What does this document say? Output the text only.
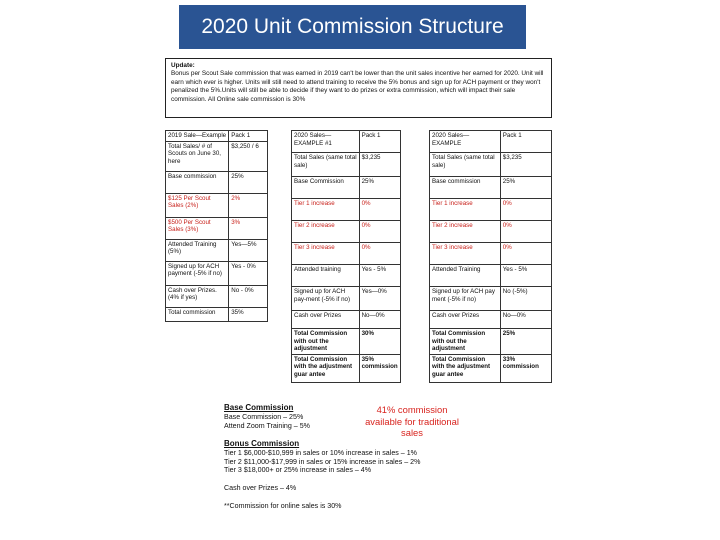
2020 Unit Commission Structure
Update:
Bonus per Scout Sale commission that was earned in 2019 can't be lower than the unit sales incentive her earned for 2020. Unit will earn which ever is higher. Units will still need to attend training to receive the 5% bonus and sign up for ACH payment or they won't penalized the 5%.Units will still be able to decide if they want to do prizes or extra commission, which will impact their sale commission. All Online sale commission is 30%
2019 Sale—Example	Pack 1
Total Sales/ # of Scouts on June 30, here	$3,250 / 6
Base commission	25%
$125 Per Scout Sales (2%)	2%
$500 Per Scout Sales (3%)	3%
Attended Training (5%)	Yes—5%
Signed up for ACH payment (-5% if no)	Yes - 0%
Cash over Prizes. (4% if yes)	No - 0%
Total commission	35%
2020 Sales—EXAMPLE #1	Pack 1
Total Sales (same total sale)	$3,235
Base Commission	25%
Tier 1 increase	0%
Tier 2 increase	0%
Tier 3 increase	0%
Attended training	Yes - 5%
Signed up for ACH pay-ment (-5% if no)	Yes—0%
Cash over Prizes	No—0%
Total Commission with out the adjustment	30%
Total Commission with the adjustment guar antee	35% commission
2020 Sales—EXAMPLE	Pack 1
Total Sales (same total sale)	$3,235
Base commission	25%
Tier 1 increase	0%
Tier 2 increase	0%
Tier 3 increase	0%
Attended Training	Yes - 5%
Signed up for ACH pay ment (-5% if no)	No (-5%)
Cash over Prizes	No—0%
Total Commission with out the adjustment	25%
Total Commission with the adjustment guar antee	33% commission
Base Commission
Base Commission – 25%
Attend Zoom Training – 5%
Bonus Commission
Tier 1 $6,000-$10,999 in sales or 10% increase in sales – 1%
Tier 2 $11,000-$17,999 in sales or 15% increase in sales – 2%
Tier 3 $18,000+ or 25% increase in sales – 4%
Cash over Prizes – 4%
**Commission for online sales is 30%
41% commission available for traditional sales
